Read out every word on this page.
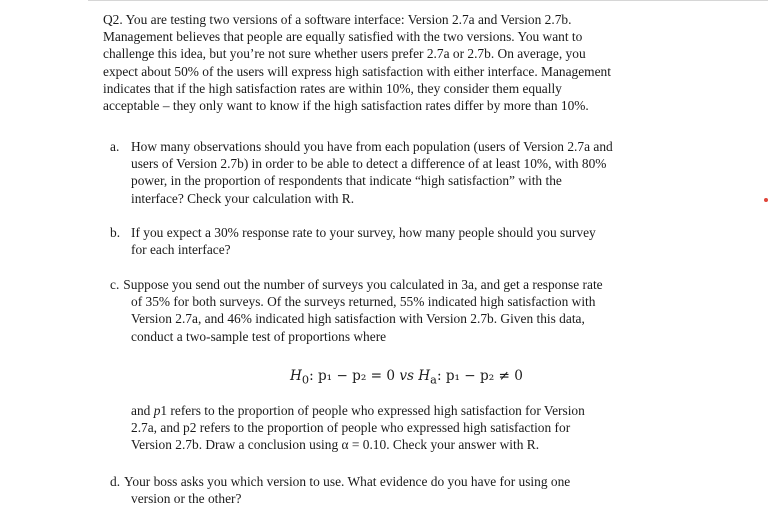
Q2. You are testing two versions of a software interface: Version 2.7a and Version 2.7b.
Management believes that people are equally satisfied with the two versions. You want to
challenge this idea, but you’re not sure whether users prefer 2.7a or 2.7b. On average, you
expect about 50% of the users will express high satisfaction with either interface. Management
indicates that if the high satisfaction rates are within 10%, they consider them equally
acceptable – they only want to know if the high satisfaction rates differ by more than 10%.
a. How many observations should you have from each population (users of Version 2.7a and
users of Version 2.7b) in order to be able to detect a difference of at least 10%, with 80%
power, in the proportion of respondents that indicate “high satisfaction” with the
interface? Check your calculation with R.
b. If you expect a 30% response rate to your survey, how many people should you survey
for each interface?
c. Suppose you send out the number of surveys you calculated in 3a, and get a response rate
of 35% for both surveys. Of the surveys returned, 55% indicated high satisfaction with
Version 2.7a, and 46% indicated high satisfaction with Version 2.7b. Given this data,
conduct a two-sample test of proportions where
$H_0$: p₁ − p₂ = 0 vs $H_a$: p₁ − p₂ ≠ 0
and p1 refers to the proportion of people who expressed high satisfaction for Version
2.7a, and p2 refers to the proportion of people who expressed high satisfaction for
Version 2.7b. Draw a conclusion using α = 0.10. Check your answer with R.
d. Your boss asks you which version to use. What evidence do you have for using one
version or the other?
